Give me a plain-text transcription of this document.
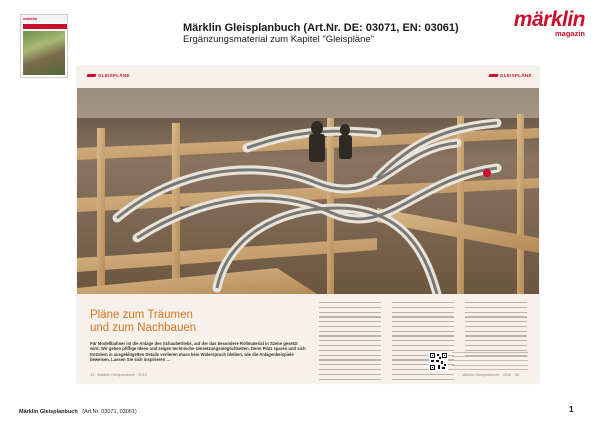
märklin
Märklin Gleisplanbuch (Art.Nr. DE: 03071, EN: 03061)
Ergänzungsmaterial zum Kapitel "Gleispläne"
märklin
magazin
GLEISPLÄNE	GLEISPLÄNE
Pläne zum Träumen
und zum Nachbauen
Für Modellbahner ist die Anlage des Schaubetriebs, auf der das besondere Rollmaterial in Szene gesetzt wird. Wir geben pfiffige Ideen und zeigen technische Umsetzungsmöglichkeiten. Denn Platz sparen und sich trotzdem in ausgeklügelten Details verlieren muss kein Widerspruch bleiben, wie die Anlagenbeispiele beweisen. Lassen Sie sich inspirieren ...
34 · Märklin Gleisplanbuch · 2018	Märklin Gleisplanbuch · 2018 · 35
Märklin Gleisplanbuch (Art.Nr. 03071, 03061)	1
